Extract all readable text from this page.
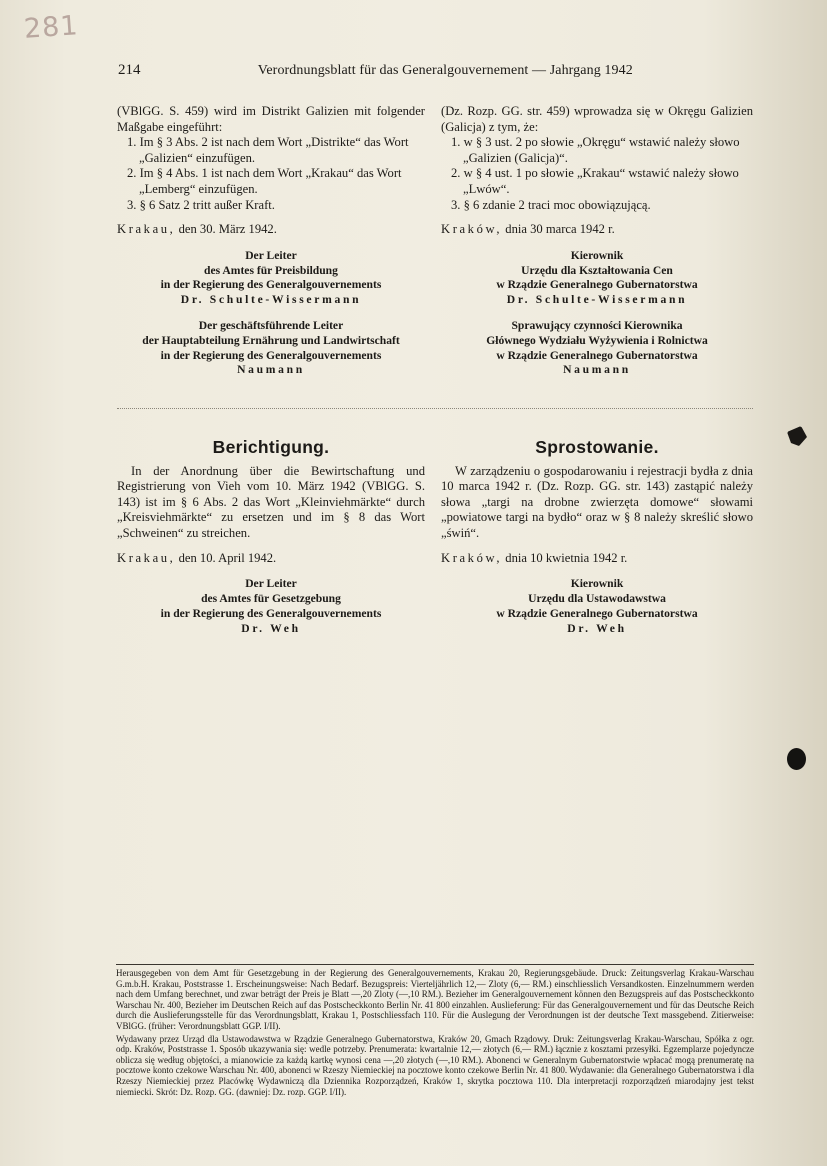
281
214	Verordnungsblatt für das Generalgouvernement — Jahrgang 1942

(VBlGG. S. 459) wird im Distrikt Galizien mit folgender Maßgabe eingeführt:

1. Im § 3 Abs. 2 ist nach dem Wort „Distrikte“ das Wort „Galizien“ einzufügen.
2. Im § 4 Abs. 1 ist nach dem Wort „Krakau“ das Wort „Lemberg“ einzufügen.
3. § 6 Satz 2 tritt außer Kraft.
Krakau, den 30. März 1942.
Der Leiter
des Amtes für Preisbildung
in der Regierung des Generalgouvernements
Dr. Schulte-Wissermann
Der geschäftsführende Leiter
der Hauptabteilung Ernährung und Landwirtschaft
in der Regierung des Generalgouvernements
Naumann

(Dz. Rozp. GG. str. 459) wprowadza się w Okręgu Galizien (Galicja) z tym, że:

1. w § 3 ust. 2 po słowie „Okręgu“ wstawić należy słowo „Galizien (Galicja)“.
2. w § 4 ust. 1 po słowie „Krakau“ wstawić należy słowo „Lwów“.
3. § 6 zdanie 2 traci moc obowiązującą.
Kraków, dnia 30 marca 1942 r.
Kierownik
Urzędu dla Kształtowania Cen
w Rządzie Generalnego Gubernatorstwa
Dr. Schulte-Wissermann
Sprawujący czynności Kierownika
Głównego Wydziału Wyżywienia i Rolnictwa
w Rządzie Generalnego Gubernatorstwa
Naumann
Berichtigung.

In der Anordnung über die Bewirtschaftung und Registrierung von Vieh vom 10. März 1942 (VBlGG. S. 143) ist im § 6 Abs. 2 das Wort „Kleinviehmärkte“ durch „Kreisviehmärkte“ zu ersetzen und im § 8 das Wort „Schweinen“ zu streichen.

Krakau, den 10. April 1942.
Der Leiter
des Amtes für Gesetzgebung
in der Regierung des Generalgouvernements
Dr. Weh
Sprostowanie.

W zarządzeniu o gospodarowaniu i rejestracji bydła z dnia 10 marca 1942 r. (Dz. Rozp. GG. str. 143) zastąpić należy słowa „targi na drobne zwierzęta domowe“ słowami „powiatowe targi na bydło“ oraz w § 8 należy skreślić słowo „świń“.

Kraków, dnia 10 kwietnia 1942 r.
Kierownik
Urzędu dla Ustawodawstwa
w Rządzie Generalnego Gubernatorstwa
Dr. Weh

Herausgegeben von dem Amt für Gesetzgebung in der Regierung des Generalgouvernements, Krakau 20, Regierungsgebäude. Druck: Zeitungsverlag Krakau-Warschau G.m.b.H. Krakau, Poststrasse 1. Erscheinungsweise: Nach Bedarf. Bezugspreis: Vierteljährlich 12,— Zloty (6,— RM.) einschliesslich Versandkosten. Einzelnummern werden nach dem Umfang berechnet, und zwar beträgt der Preis je Blatt —,20 Zloty (—,10 RM.). Bezieher im Generalgouvernement können den Bezugspreis auf das Postscheckkonto Warschau Nr. 400, Bezieher im Deutschen Reich auf das Postscheckkonto Berlin Nr. 41 800 einzahlen. Auslieferung: Für das Generalgouvernement und für das Deutsche Reich durch die Auslieferungsstelle für das Verordnungsblatt, Krakau 1, Postschliessfach 110. Für die Auslegung der Verordnungen ist der deutsche Text massgebend. Zitierweise: VBlGG. (früher: Verordnungsblatt GGP. I/II).

Wydawany przez Urząd dla Ustawodawstwa w Rządzie Generalnego Gubernatorstwa, Kraków 20, Gmach Rządowy. Druk: Zeitungsverlag Krakau-Warschau, Spółka z ogr. odp. Kraków, Poststrasse 1. Sposób ukazywania się: wedle potrzeby. Prenumerata: kwartalnie 12,— złotych (6,— RM.) łącznie z kosztami przesyłki. Egzemplarze pojedyncze oblicza się według objętości, a mianowicie za każdą kartkę wynosi cena —,20 złotych (—,10 RM.). Abonenci w Generalnym Gubernatorstwie wpłacać mogą prenumeratę na pocztowe konto czekowe Warschau Nr. 400, abonenci w Rzeszy Niemieckiej na pocztowe konto czekowe Berlin Nr. 41 800. Wydawanie: dla Generalnego Gubernatorstwa i dla Rzeszy Niemieckiej przez Placówkę Wydawniczą dla Dziennika Rozporządzeń, Kraków 1, skrytka pocztowa 110. Dla interpretacji rozporządzeń miarodajny jest tekst niemiecki. Skrót: Dz. Rozp. GG. (dawniej: Dz. rozp. GGP. I/II).
